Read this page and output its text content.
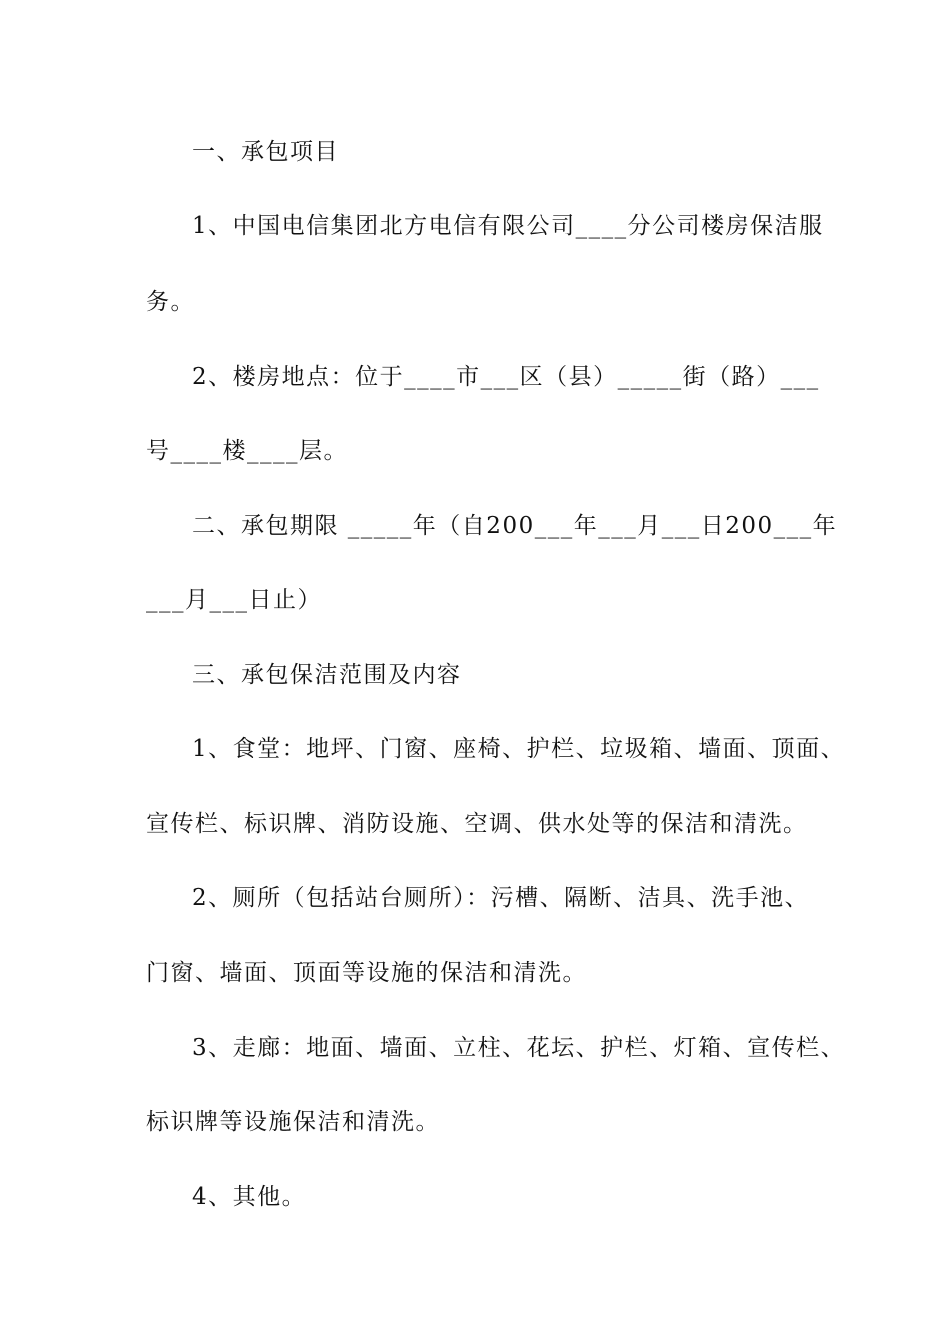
一、承包项目

1、中国电信集团北方电信有限公司____分公司楼房保洁服

务。

2、楼房地点：位于____市___区（县）_____街（路）___

号____楼____层。

二、承包期限 _____年（自200___年___月___日200___年

___月___日止）

三、承包保洁范围及内容

1、食堂：地坪、门窗、座椅、护栏、垃圾箱、墙面、顶面、

宣传栏、标识牌、消防设施、空调、供水处等的保洁和清洗。

2、厕所（包括站台厕所）：污槽、隔断、洁具、洗手池、

门窗、墙面、顶面等设施的保洁和清洗。

3、走廊：地面、墙面、立柱、花坛、护栏、灯箱、宣传栏、

标识牌等设施保洁和清洗。

4、其他。
